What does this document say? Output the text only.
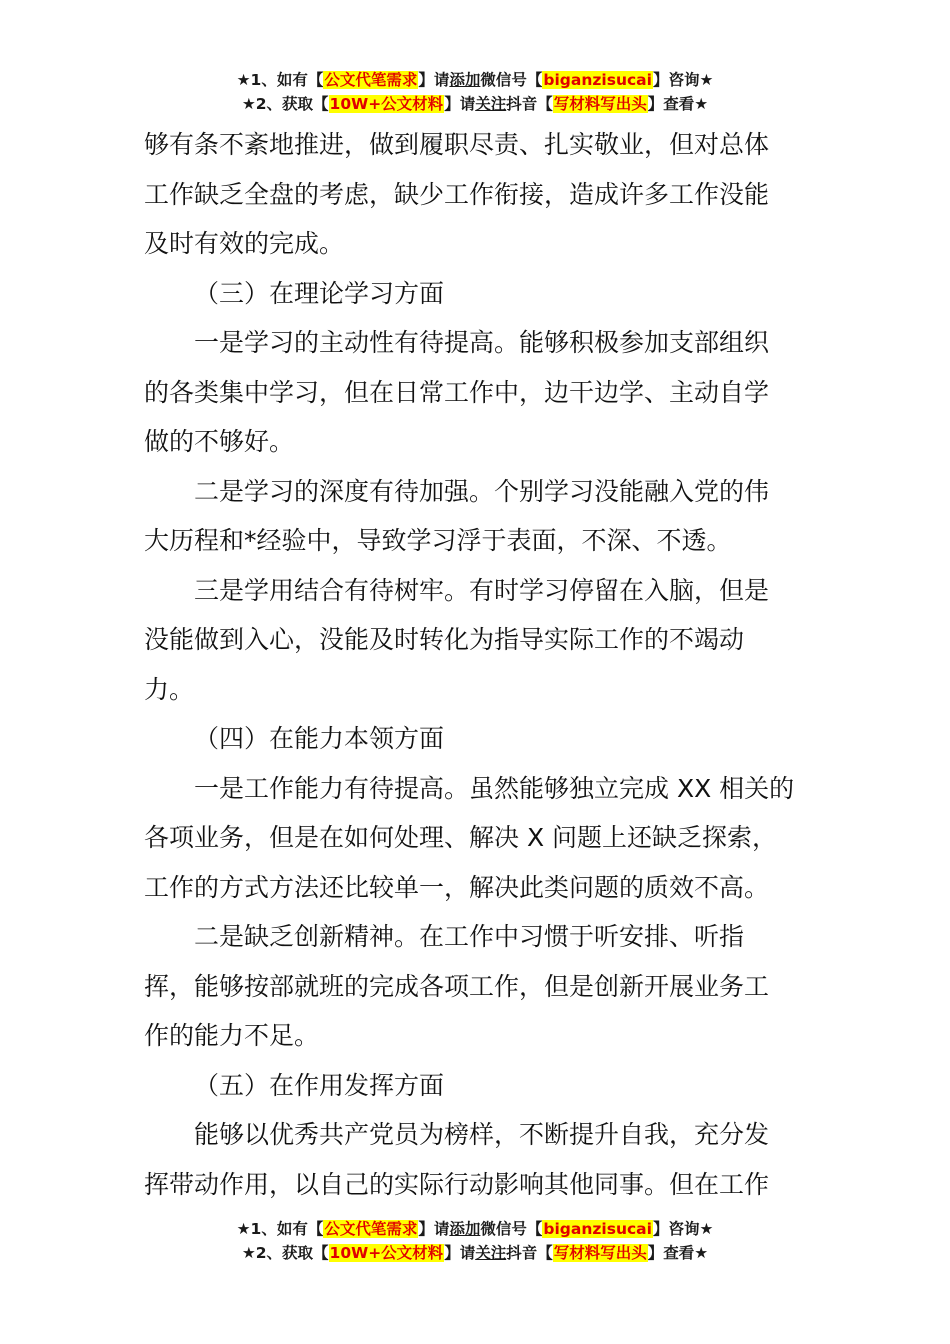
★1、如有【公文代笔需求】请添加微信号【biganzisucai】咨询★
★2、获取【10W+公文材料】请关注抖音【写材料写出头】查看★
够有条不紊地推进，做到履职尽责、扎实敬业，但对总体
工作缺乏全盘的考虑，缺少工作衔接，造成许多工作没能
及时有效的完成。
（三）在理论学习方面
一是学习的主动性有待提高。能够积极参加支部组织
的各类集中学习，但在日常工作中，边干边学、主动自学
做的不够好。
二是学习的深度有待加强。个别学习没能融入党的伟
大历程和*经验中，导致学习浮于表面，不深、不透。
三是学用结合有待树牢。有时学习停留在入脑，但是
没能做到入心，没能及时转化为指导实际工作的不竭动
力。
（四）在能力本领方面
一是工作能力有待提高。虽然能够独立完成 XX 相关的
各项业务，但是在如何处理、解决 X 问题上还缺乏探索，
工作的方式方法还比较单一，解决此类问题的质效不高。
二是缺乏创新精神。在工作中习惯于听安排、听指
挥，能够按部就班的完成各项工作，但是创新开展业务工
作的能力不足。
（五）在作用发挥方面
能够以优秀共产党员为榜样，不断提升自我，充分发
挥带动作用，以自己的实际行动影响其他同事。但在工作
★1、如有【公文代笔需求】请添加微信号【biganzisucai】咨询★
★2、获取【10W+公文材料】请关注抖音【写材料写出头】查看★
